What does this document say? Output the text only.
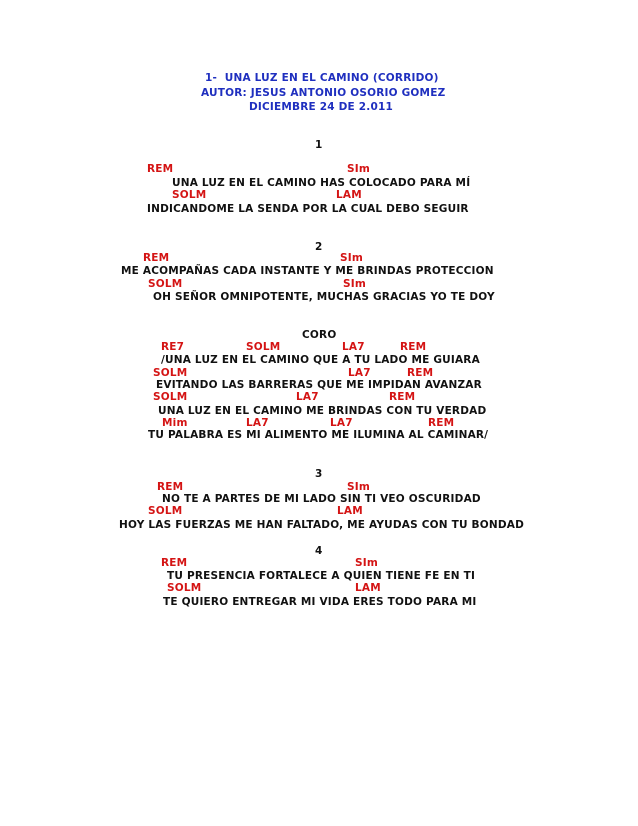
1-  UNA LUZ EN EL CAMINO (CORRIDO)
AUTOR: JESUS ANTONIO OSORIO GOMEZ
DICIEMBRE 24 DE 2.011
1
REM	SIm
UNA LUZ EN EL CAMINO HAS COLOCADO PARA MÍ
SOLM	LAM
INDICANDOME LA SENDA POR LA CUAL DEBO SEGUIR
2
REM	SIm
ME ACOMPAÑAS CADA INSTANTE Y ME BRINDAS PROTECCION
SOLM	SIm
OH SEÑOR OMNIPOTENTE, MUCHAS GRACIAS YO TE DOY
CORO
RE7	SOLM	LA7	REM
/UNA LUZ EN EL CAMINO QUE A TU LADO ME GUIARA
SOLM	LA7	REM
EVITANDO LAS BARRERAS QUE ME IMPIDAN AVANZAR
SOLM	LA7	REM
UNA LUZ EN EL CAMINO ME BRINDAS CON TU VERDAD
Mim	LA7	LA7	REM
TU PALABRA ES MI ALIMENTO ME ILUMINA AL CAMINAR/
3
REM	SIm
NO TE A PARTES DE MI LADO SIN TI VEO OSCURIDAD
SOLM	LAM
HOY LAS FUERZAS ME HAN FALTADO, ME AYUDAS CON TU BONDAD
4
REM	SIm
TU PRESENCIA FORTALECE A QUIEN TIENE FE EN TI
SOLM	LAM
TE QUIERO ENTREGAR MI VIDA ERES TODO PARA MI
